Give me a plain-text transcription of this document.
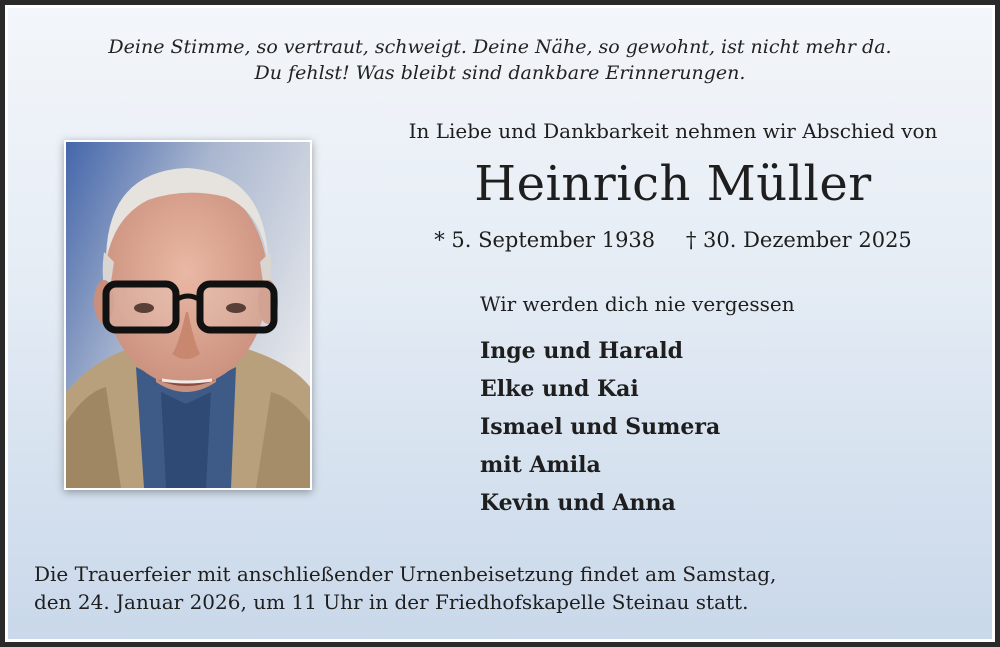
Deine Stimme, so vertraut, schweigt. Deine Nähe, so gewohnt, ist nicht mehr da.
Du fehlst! Was bleibt sind dankbare Erinnerungen.
In Liebe und Dankbarkeit nehmen wir Abschied von
Heinrich Müller
* 5. September 1938 † 30. Dezember 2025
Wir werden dich nie vergessen
Inge und Harald
Elke und Kai
Ismael und Sumera
mit Amila
Kevin und Anna
Die Trauerfeier mit anschließender Urnenbeisetzung findet am Samstag,
den 24. Januar 2026, um 11 Uhr in der Friedhofskapelle Steinau statt.
